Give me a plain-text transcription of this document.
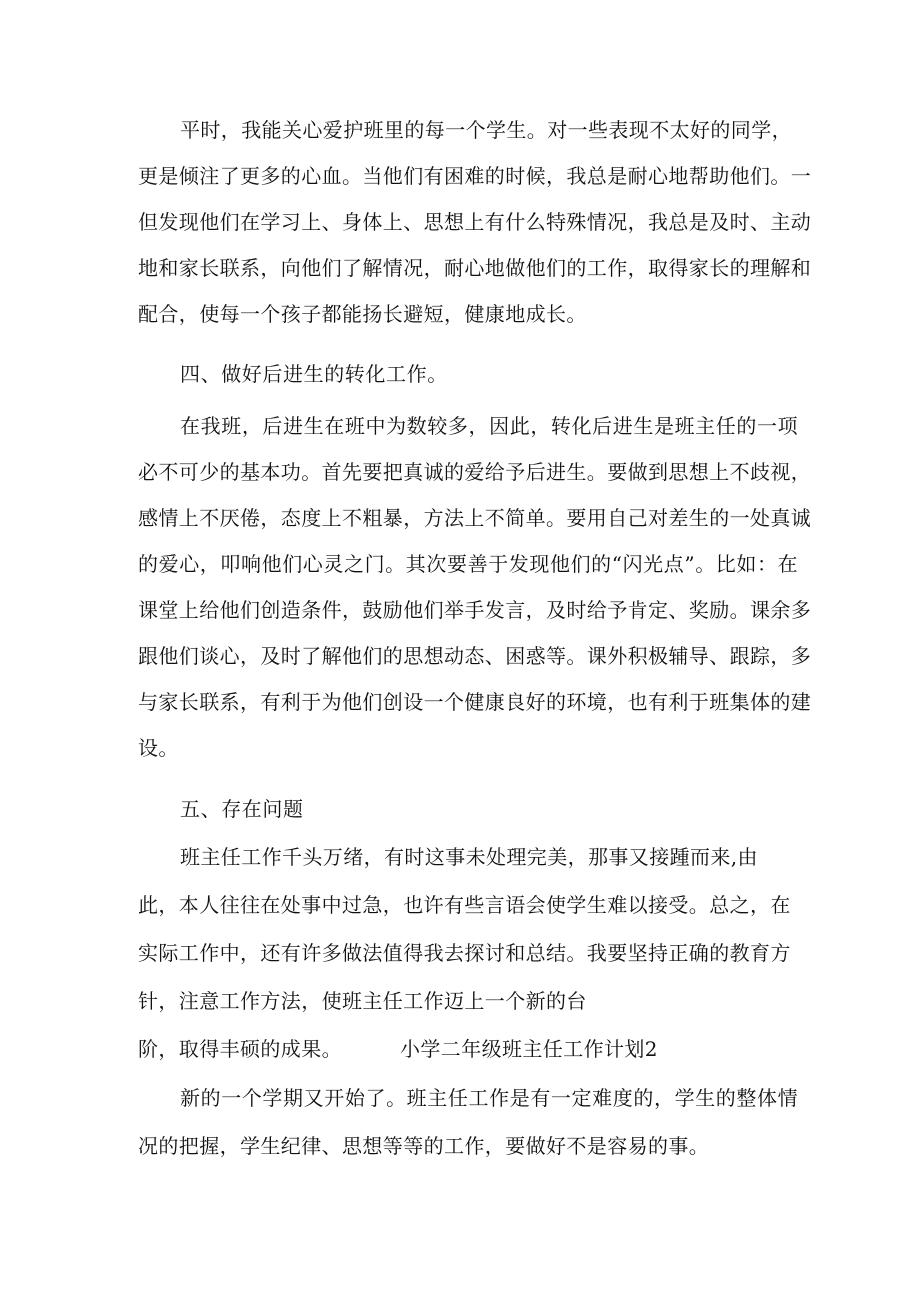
平时，我能关心爱护班里的每一个学生。对一些表现不太好的同学，
更是倾注了更多的心血。当他们有困难的时候，我总是耐心地帮助他们。一
但发现他们在学习上、身体上、思想上有什么特殊情况，我总是及时、主动
地和家长联系，向他们了解情况，耐心地做他们的工作，取得家长的理解和
配合，使每一个孩子都能扬长避短，健康地成长。
四、做好后进生的转化工作。
在我班，后进生在班中为数较多，因此，转化后进生是班主任的一项
必不可少的基本功。首先要把真诚的爱给予后进生。要做到思想上不歧视，
感情上不厌倦，态度上不粗暴，方法上不简单。要用自己对差生的一处真诚
的爱心，叩响他们心灵之门。其次要善于发现他们的“闪光点”。比如：在
课堂上给他们创造条件，鼓励他们举手发言，及时给予肯定、奖励。课余多
跟他们谈心，及时了解他们的思想动态、困惑等。课外积极辅导、跟踪，多
与家长联系，有利于为他们创设一个健康良好的环境，也有利于班集体的建
设。
五、存在问题
班主任工作千头万绪，有时这事未处理完美，那事又接踵而来,由
此，本人往往在处事中过急，也许有些言语会使学生难以接受。总之，在
实际工作中，还有许多做法值得我去探讨和总结。我要坚持正确的教育方
针，注意工作方法，使班主任工作迈上一个新的台
阶，取得丰硕的成果。	小学二年级班主任工作计划2
新的一个学期又开始了。班主任工作是有一定难度的，学生的整体情
况的把握，学生纪律、思想等等的工作，要做好不是容易的事。
